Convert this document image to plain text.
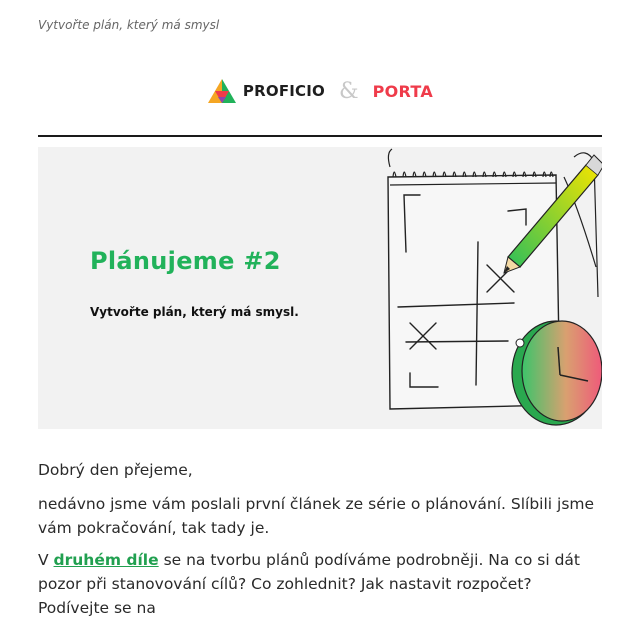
Vytvořte plán, který má smysl
PROFICIO & PORTA
Plánujeme #2
Vytvořte plán, který má smysl.
Dobrý den přejeme,
nedávno jsme vám poslali první článek ze série o plánování. Slíbili jsme vám pokračování, tak tady je.
V druhém díle se na tvorbu plánů podíváme podrobněji. Na co si dát pozor při stanovování cílů? Co zohlednit? Jak nastavit rozpočet? Podívejte se na
